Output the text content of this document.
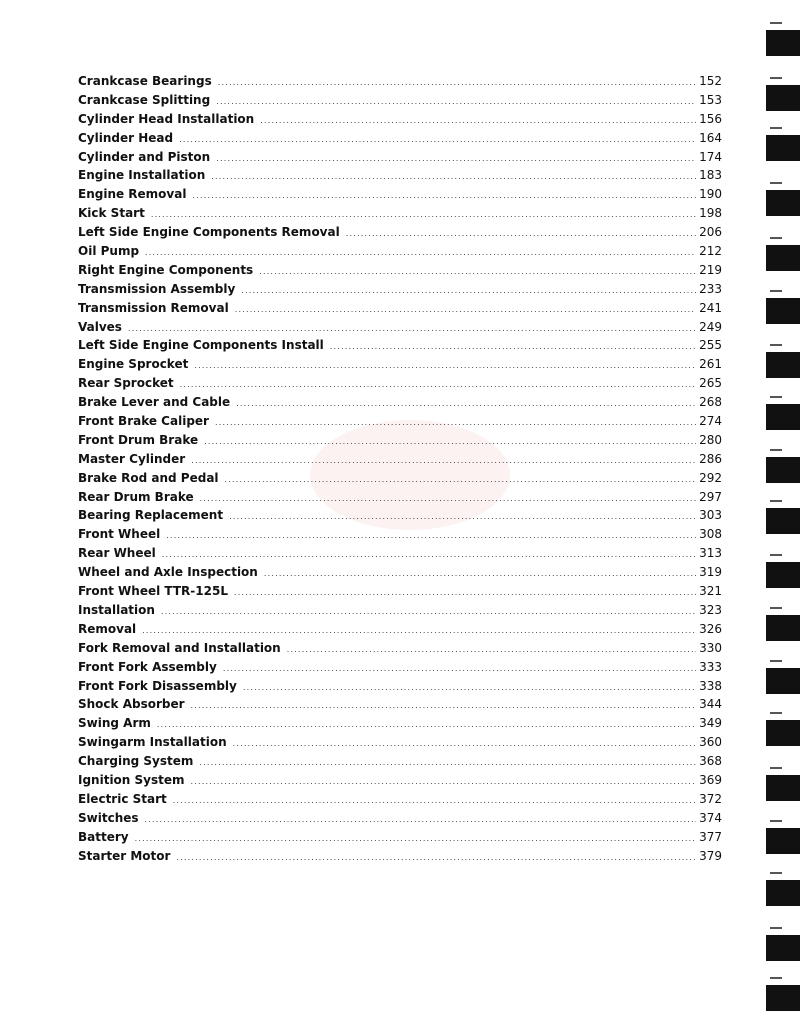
Crankcase Bearings .....	152
Crankcase Splitting .....	153
Cylinder Head Installation .....	156
Cylinder Head .....	164
Cylinder and Piston .....	174
Engine Installation .....	183
Engine Removal .....	190
Kick Start .....	198
Left Side Engine Components Removal .....	206
Oil Pump .....	212
Right Engine Components .....	219
Transmission Assembly .....	233
Transmission Removal .....	241
Valves .....	249
Left Side Engine Components Install .....	255
Engine Sprocket .....	261
Rear Sprocket .....	265
Brake Lever and Cable .....	268
Front Brake Caliper .....	274
Front Drum Brake .....	280
Master Cylinder .....	286
Brake Rod and Pedal .....	292
Rear Drum Brake .....	297
Bearing Replacement .....	303
Front Wheel .....	308
Rear Wheel .....	313
Wheel and Axle Inspection .....	319
Front Wheel TTR-125L .....	321
Installation .....	323
Removal .....	326
Fork Removal and Installation .....	330
Front Fork Assembly .....	333
Front Fork Disassembly .....	338
Shock Absorber .....	344
Swing Arm .....	349
Swingarm Installation .....	360
Charging System .....	368
Ignition System .....	369
Electric Start .....	372
Switches .....	374
Battery .....	377
Starter Motor .....	379
